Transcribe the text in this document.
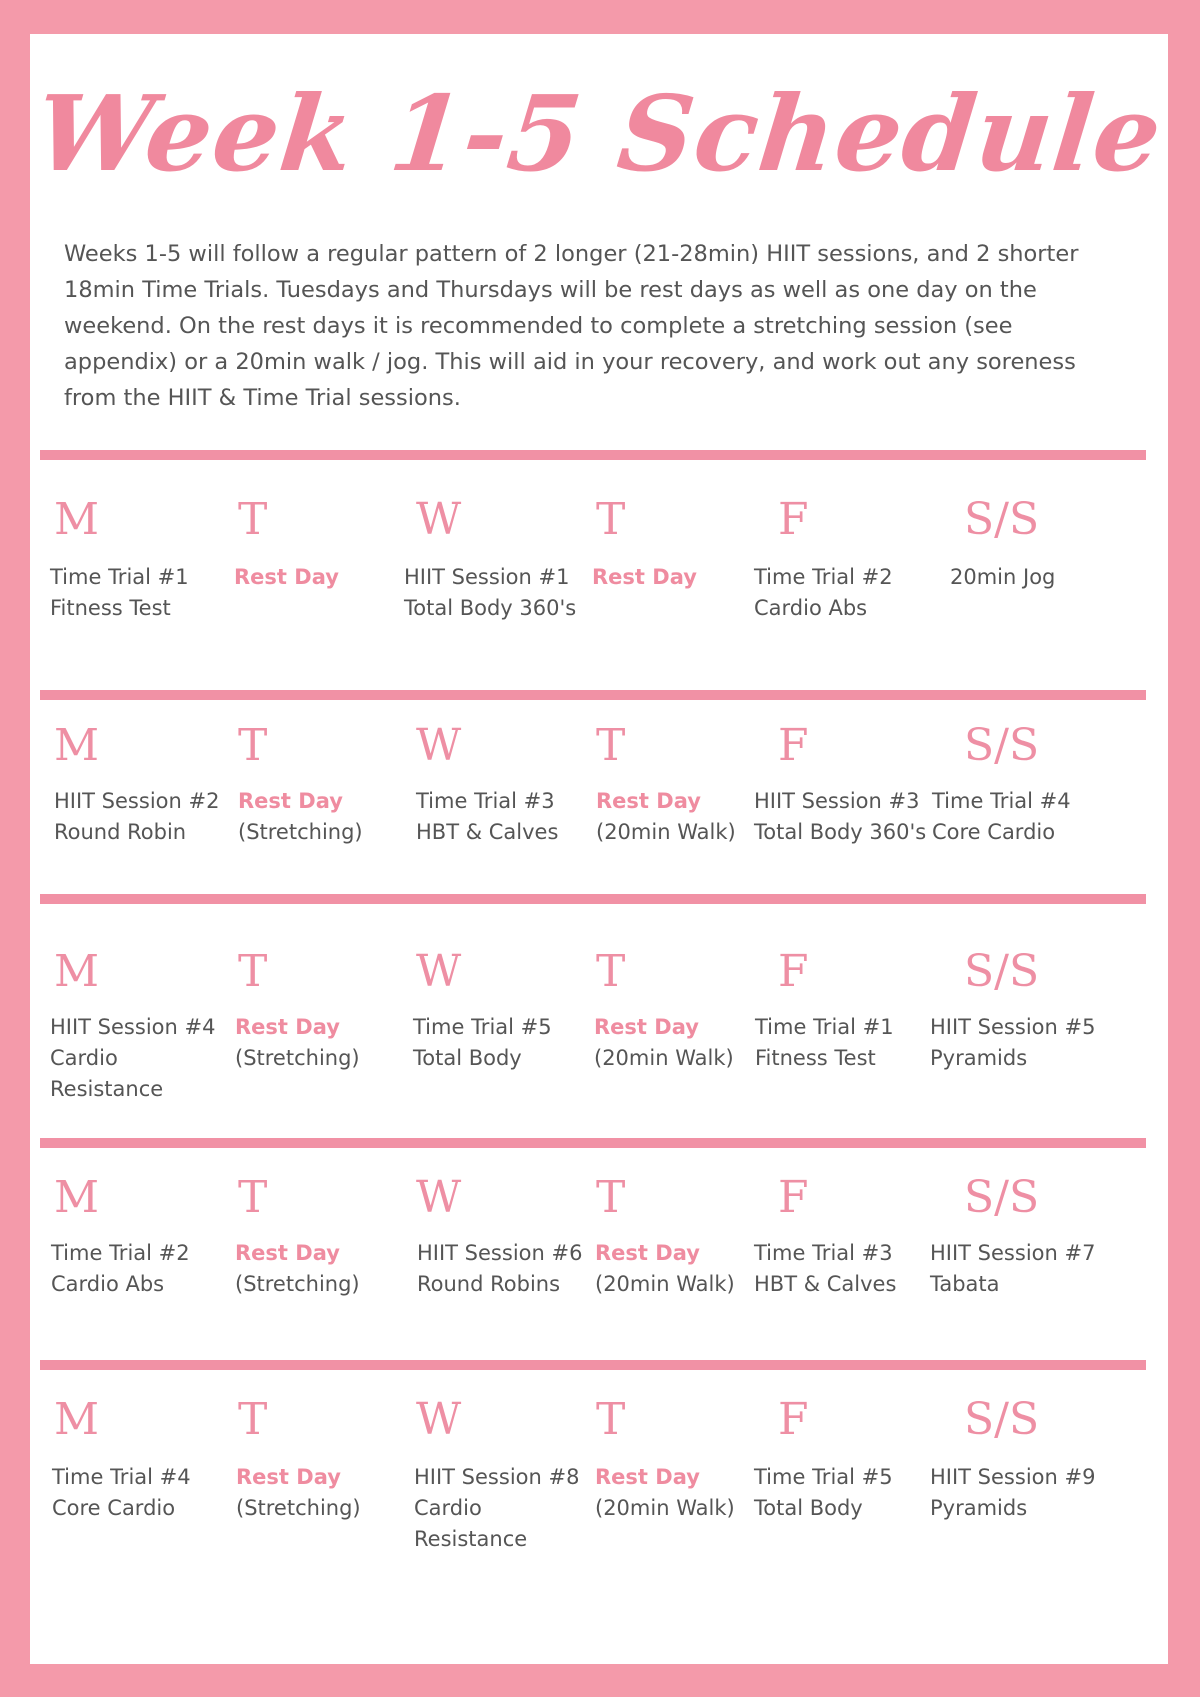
Week 1-5 Schedule
Weeks 1-5 will follow a regular pattern of 2 longer (21-28min) HIIT sessions, and 2 shorter 18min Time Trials. Tuesdays and Thursdays will be rest days as well as one day on the weekend. On the rest days it is recommended to complete a stretching session (see appendix) or a 20min walk / jog. This will aid in your recovery, and work out any soreness from the HIIT & Time Trial sessions.
M
Time Trial #1
Fitness Test
T
Rest Day
W
HIIT Session #1
Total Body 360's
T
Rest Day
F
Time Trial #2
Cardio Abs
S/S
20min Jog
M
HIIT Session #2
Round Robin
T
Rest Day
(Stretching)
W
Time Trial #3
HBT & Calves
T
Rest Day
(20min Walk)
F
HIIT Session #3
Total Body 360's
S/S
Time Trial #4
Core Cardio
M
HIIT Session #4
Cardio
Resistance
T
Rest Day
(Stretching)
W
Time Trial #5
Total Body
T
Rest Day
(20min Walk)
F
Time Trial #1
Fitness Test
S/S
HIIT Session #5
Pyramids
M
Time Trial #2
Cardio Abs
T
Rest Day
(Stretching)
W
HIIT Session #6
Round Robins
T
Rest Day
(20min Walk)
F
Time Trial #3
HBT & Calves
S/S
HIIT Session #7
Tabata
M
Time Trial #4
Core Cardio
T
Rest Day
(Stretching)
W
HIIT Session #8
Cardio
Resistance
T
Rest Day
(20min Walk)
F
Time Trial #5
Total Body
S/S
HIIT Session #9
Pyramids
